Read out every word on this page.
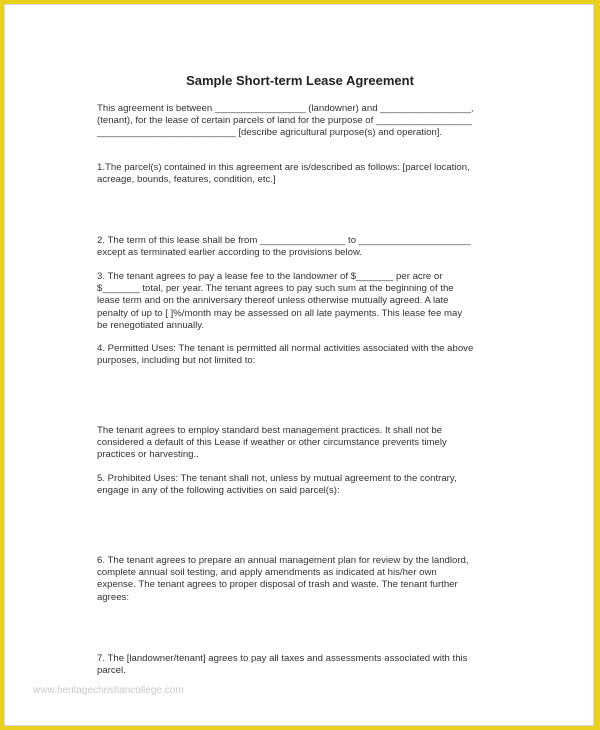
Sample Short-term Lease Agreement

This agreement is between _________________ (landowner) and _________________,
(tenant), for the lease of certain parcels of land for the purpose of __________________
__________________________ [describe agricultural purpose(s) and operation].

1.The parcel(s) contained in this agreement are is/described as follows: [parcel location,
acreage, bounds, features, condition, etc.]

2. The term of this lease shall be from ________________ to _____________________
except as terminated earlier according to the provisions below.

3. The tenant agrees to pay a lease fee to the landowner of $_______ per acre or
$_______ total, per year. The tenant agrees to pay such sum at the beginning of the
lease term and on the anniversary thereof unless otherwise mutually agreed. A late
penalty of up to [ ]%/month may be assessed on all late payments. This lease fee may
be renegotiated annually.

4. Permitted Uses: The tenant is permitted all normal activities associated with the above
purposes, including but not limited to:

The tenant agrees to employ standard best management practices. It shall not be
considered a default of this Lease if weather or other circumstance prevents timely
practices or harvesting..

5. Prohibited Uses: The tenant shall not, unless by mutual agreement to the contrary,
engage in any of the following activities on said parcel(s):

6. The tenant agrees to prepare an annual management plan for review by the landlord,
complete annual soil testing, and apply amendments as indicated at his/her own
expense. The tenant agrees to proper disposal of trash and waste. The tenant further
agrees:

7. The [landowner/tenant] agrees to pay all taxes and assessments associated with this
parcel.

www.heritagechristiancollege.com
